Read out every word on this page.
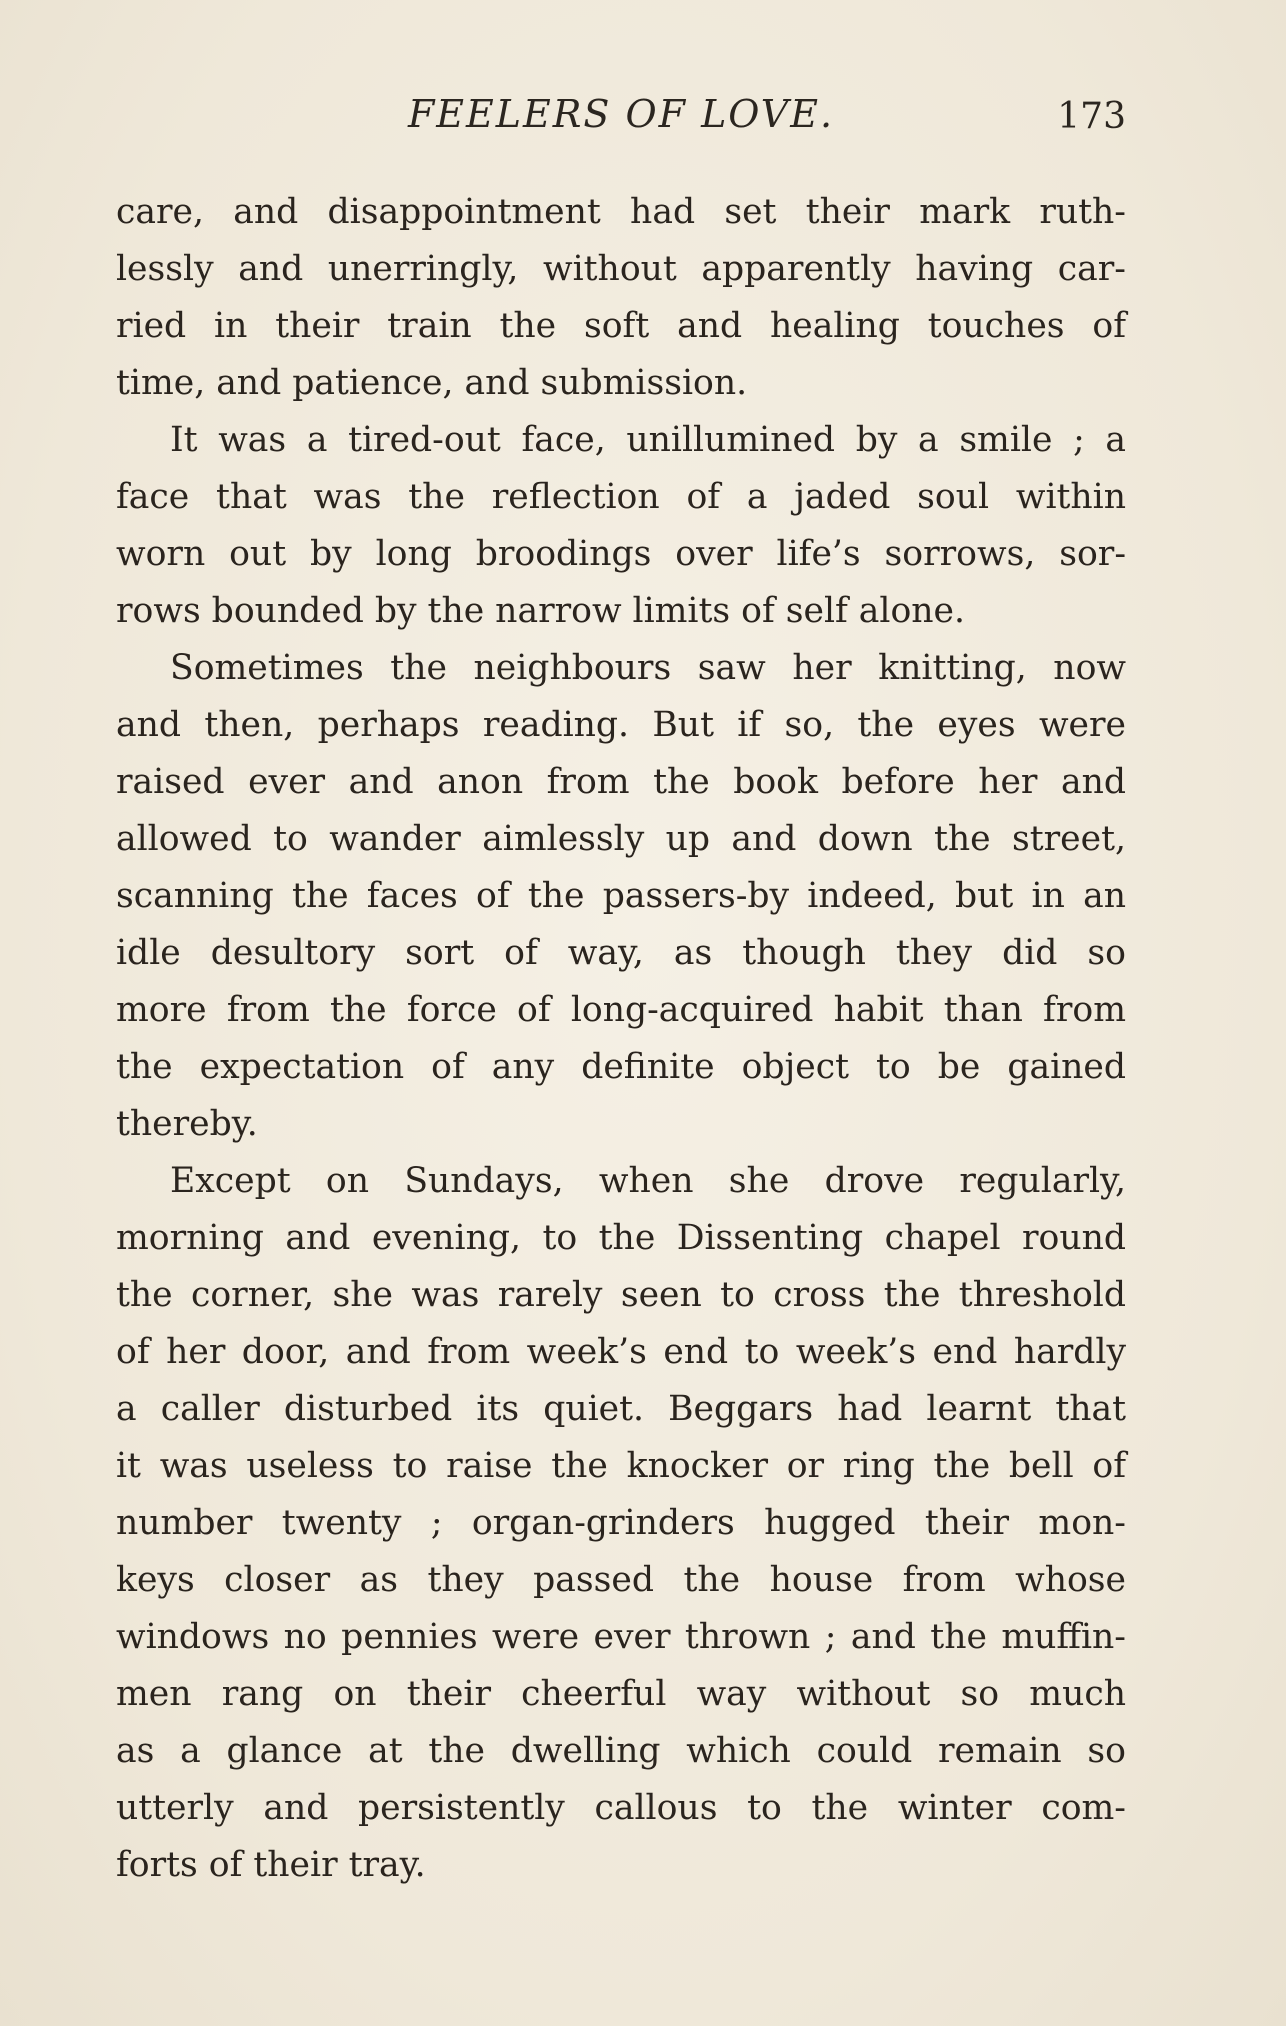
FEELERS OF LOVE.	173
care, and disappointment had set their mark ruth-
lessly and unerringly, without apparently having car-
ried in their train the soft and healing touches of
time, and patience, and submission.
It was a tired-out face, unillumined by a smile ; a
face that was the reflection of a jaded soul within
worn out by long broodings over life’s sorrows, sor-
rows bounded by the narrow limits of self alone.
Sometimes the neighbours saw her knitting, now
and then, perhaps reading. But if so, the eyes were
raised ever and anon from the book before her and
allowed to wander aimlessly up and down the street,
scanning the faces of the passers-by indeed, but in an
idle desultory sort of way, as though they did so
more from the force of long-acquired habit than from
the expectation of any definite object to be gained
thereby.
Except on Sundays, when she drove regularly,
morning and evening, to the Dissenting chapel round
the corner, she was rarely seen to cross the threshold
of her door, and from week’s end to week’s end hardly
a caller disturbed its quiet. Beggars had learnt that
it was useless to raise the knocker or ring the bell of
number twenty ; organ-grinders hugged their mon-
keys closer as they passed the house from whose
windows no pennies were ever thrown ; and the muffin-
men rang on their cheerful way without so much
as a glance at the dwelling which could remain so
utterly and persistently callous to the winter com-
forts of their tray.
